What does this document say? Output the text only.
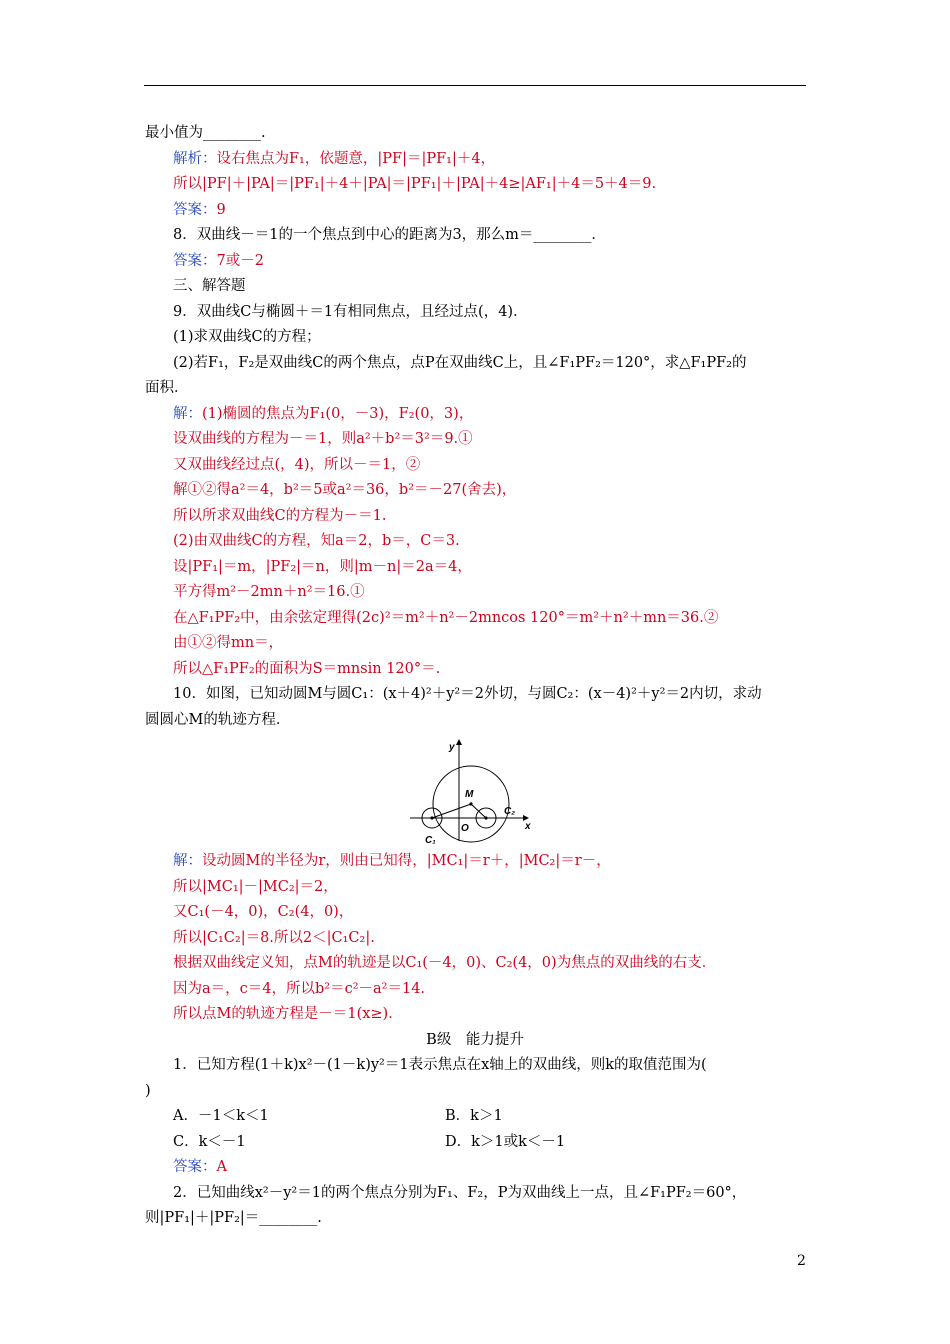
最小值为________.
解析：设右焦点为F₁，依题意，|PF|＝|PF₁|＋4，
所以|PF|＋|PA|＝|PF₁|＋4＋|PA|＝|PF₁|＋|PA|＋4≥|AF₁|＋4＝5＋4＝9.
答案：9
8．双曲线－＝1的一个焦点到中心的距离为3，那么m＝________．
答案：7或－2
三、解答题
9．双曲线C与椭圆＋＝1有相同焦点，且经过点(，4)．
(1)求双曲线C的方程；
(2)若F₁，F₂是双曲线C的两个焦点，点P在双曲线C上，且∠F₁PF₂＝120°，求△F₁PF₂的
面积．
解：(1)椭圆的焦点为F₁(0，－3)，F₂(0，3)，
设双曲线的方程为－＝1，则a²＋b²＝3²＝9.①
又双曲线经过点(，4)，所以－＝1，②
解①②得a²＝4，b²＝5或a²＝36，b²＝－27(舍去)，
所以所求双曲线C的方程为－＝1.
(2)由双曲线C的方程，知a＝2，b＝，C＝3.
设|PF₁|＝m，|PF₂|＝n，则|m－n|＝2a＝4，
平方得m²－2mn＋n²＝16.①
在△F₁PF₂中，由余弦定理得(2c)²＝m²＋n²－2mncos 120°＝m²＋n²＋mn＝36.②
由①②得mn＝，
所以△F₁PF₂的面积为S＝mnsin 120°＝.
10．如图，已知动圆M与圆C₁：(x＋4)²＋y²＝2外切，与圆C₂：(x－4)²＋y²＝2内切，求动
圆圆心M的轨迹方程．
y
x
M
O
C₁
C₂
解：设动圆M的半径为r，则由已知得，|MC₁|＝r＋，|MC₂|＝r－，
所以|MC₁|－|MC₂|＝2，
又C₁(－4，0)，C₂(4，0)，
所以|C₁C₂|＝8.所以2＜|C₁C₂|.
根据双曲线定义知，点M的轨迹是以C₁(－4，0)、C₂(4，0)为焦点的双曲线的右支．
因为a＝，c＝4，所以b²＝c²－a²＝14.
所以点M的轨迹方程是－＝1(x≥)．
B级　能力提升
1．已知方程(1＋k)x²－(1－k)y²＝1表示焦点在x轴上的双曲线，则k的取值范围为(
)
A．－1＜k＜1	B．k＞1
C．k＜－1	D．k＞1或k＜－1
答案：A
2．已知曲线x²－y²＝1的两个焦点分别为F₁、F₂，P为双曲线上一点，且∠F₁PF₂＝60°，
则|PF₁|＋|PF₂|＝________.
2
